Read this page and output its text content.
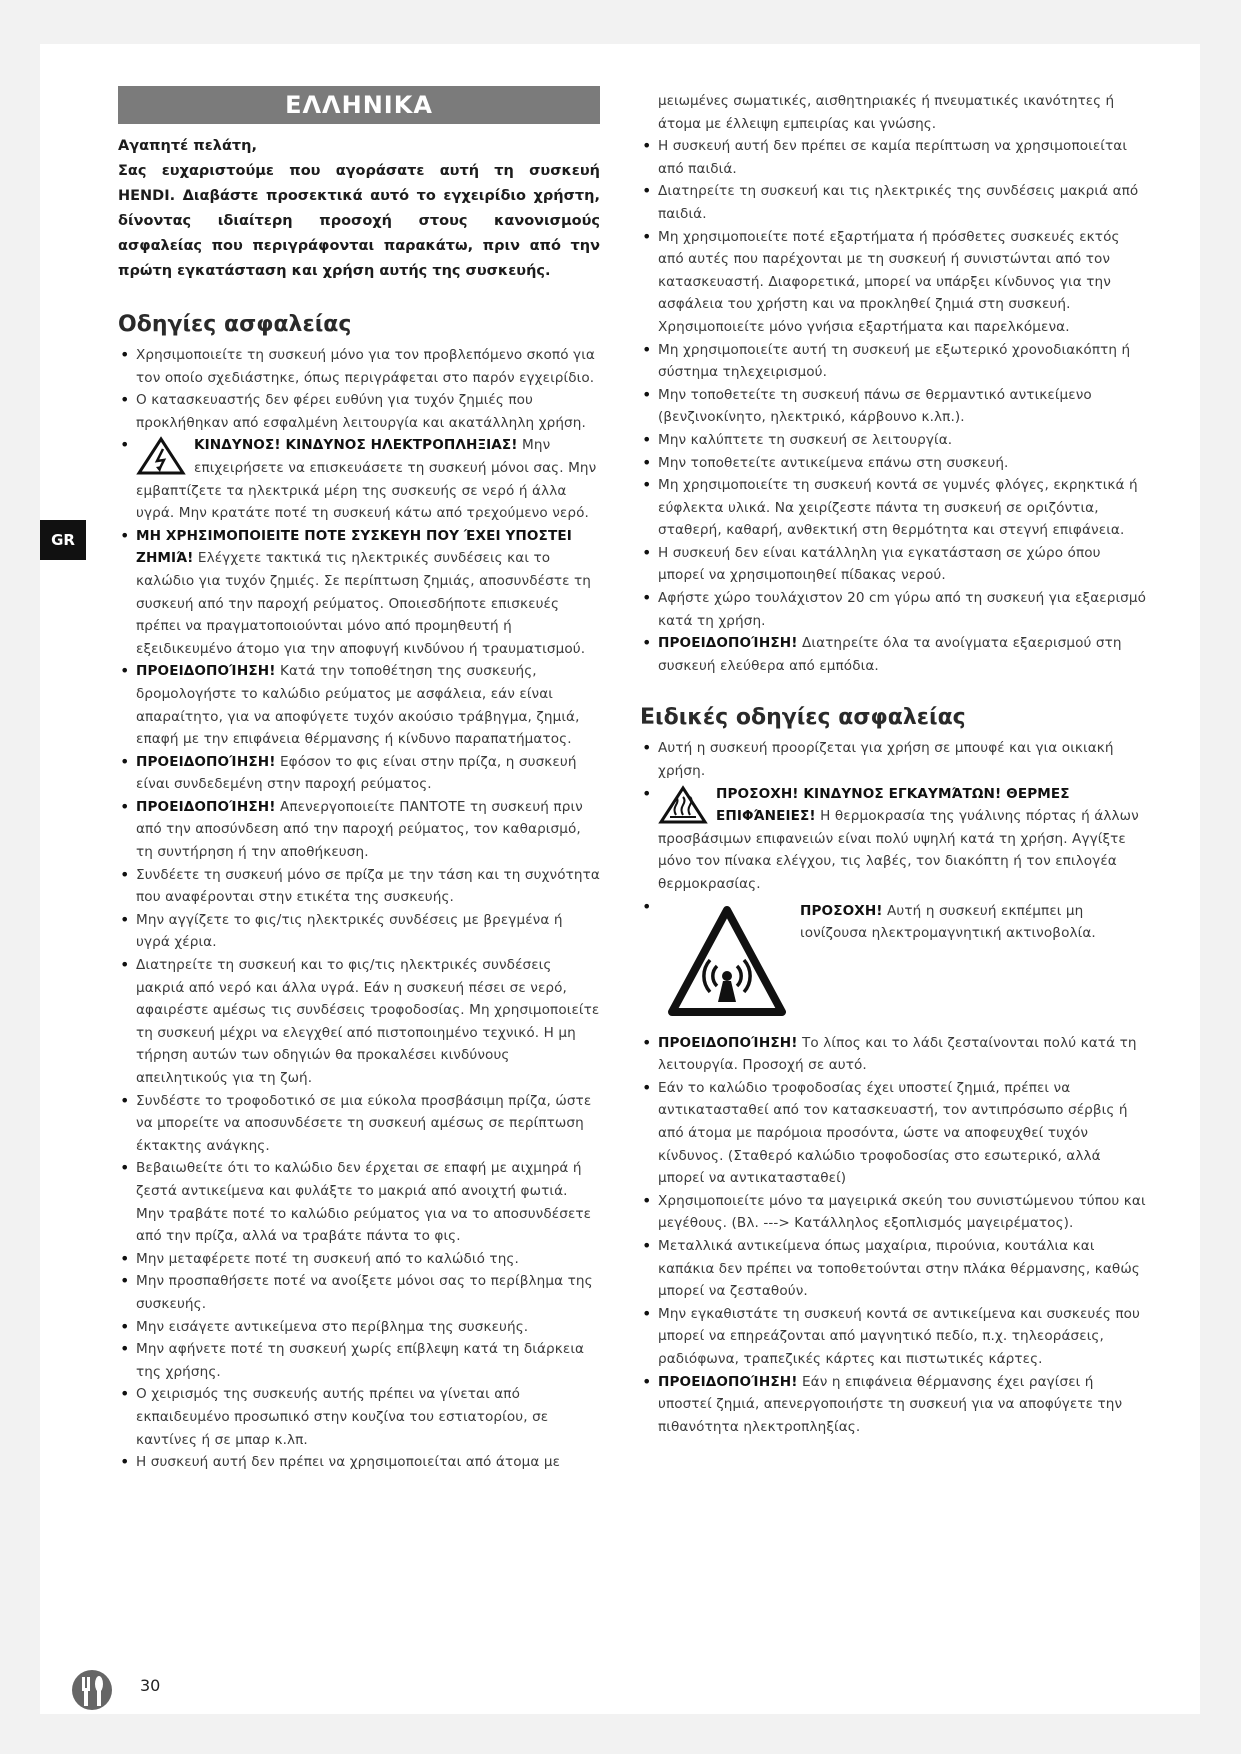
GR
ΕΛΛΗΝΙΚΑ

Αγαπητέ πελάτη,

Σας ευχαριστούμε που αγοράσατε αυτή τη συσκευή HENDI. Διαβάστε προσεκτικά αυτό το εγχειρίδιο χρήστη, δίνοντας ιδιαίτερη προσοχή στους κανονισμούς ασφαλείας που περιγράφονται παρακάτω, πριν από την πρώτη εγκατάσταση και χρήση αυτής της συσκευής.

Οδηγίες ασφαλείας
• Χρησιμοποιείτε τη συσκευή μόνο για τον προβλεπόμενο σκοπό για τον οποίο σχεδιάστηκε, όπως περιγράφεται στο παρόν εγχειρίδιο.
• Ο κατασκευαστής δεν φέρει ευθύνη για τυχόν ζημιές που προκλήθηκαν από εσφαλμένη λειτουργία και ακατάλληλη χρήση.
• ΚΙΝΔΥΝΟΣ! ΚΙΝΔΥΝΟΣ ΗΛΕΚΤΡΟΠΛΗΞΙΑΣ! Μην επιχειρήσετε να επισκευάσετε τη συσκευή μόνοι σας. Μην εμβαπτίζετε τα ηλεκτρικά μέρη της συσκευής σε νερό ή άλλα υγρά. Μην κρατάτε ποτέ τη συσκευή κάτω από τρεχούμενο νερό.
• ΜΗ ΧΡΗΣΙΜΟΠΟΙΕΙΤΕ ΠΟΤΕ ΣΥΣΚΕΥΗ ΠΟΥ ΈΧΕΙ ΥΠΟΣΤΕΙ ΖΗΜΙΆ! Ελέγχετε τακτικά τις ηλεκτρικές συνδέσεις και το καλώδιο για τυχόν ζημιές. Σε περίπτωση ζημιάς, αποσυνδέστε τη συσκευή από την παροχή ρεύματος. Οποιεσδήποτε επισκευές πρέπει να πραγματοποιούνται μόνο από προμηθευτή ή εξειδικευμένο άτομο για την αποφυγή κινδύνου ή τραυματισμού.
• ΠΡΟΕΙΔΟΠΟΊΗΣΗ! Κατά την τοποθέτηση της συσκευής, δρομολογήστε το καλώδιο ρεύματος με ασφάλεια, εάν είναι απαραίτητο, για να αποφύγετε τυχόν ακούσιο τράβηγμα, ζημιά, επαφή με την επιφάνεια θέρμανσης ή κίνδυνο παραπατήματος.
• ΠΡΟΕΙΔΟΠΟΊΗΣΗ! Εφόσον το φις είναι στην πρίζα, η συσκευή είναι συνδεδεμένη στην παροχή ρεύματος.
• ΠΡΟΕΙΔΟΠΟΊΗΣΗ! Απενεργοποιείτε ΠΑΝΤΟΤΕ τη συσκευή πριν από την αποσύνδεση από την παροχή ρεύματος, τον καθαρισμό, τη συντήρηση ή την αποθήκευση.
• Συνδέετε τη συσκευή μόνο σε πρίζα με την τάση και τη συχνότητα που αναφέρονται στην ετικέτα της συσκευής.
• Μην αγγίζετε το φις/τις ηλεκτρικές συνδέσεις με βρεγμένα ή υγρά χέρια.
• Διατηρείτε τη συσκευή και το φις/τις ηλεκτρικές συνδέσεις μακριά από νερό και άλλα υγρά. Εάν η συσκευή πέσει σε νερό, αφαιρέστε αμέσως τις συνδέσεις τροφοδοσίας. Μη χρησιμοποιείτε τη συσκευή μέχρι να ελεγχθεί από πιστοποιημένο τεχνικό. Η μη τήρηση αυτών των οδηγιών θα προκαλέσει κινδύνους απειλητικούς για τη ζωή.
• Συνδέστε το τροφοδοτικό σε μια εύκολα προσβάσιμη πρίζα, ώστε να μπορείτε να αποσυνδέσετε τη συσκευή αμέσως σε περίπτωση έκτακτης ανάγκης.
• Βεβαιωθείτε ότι το καλώδιο δεν έρχεται σε επαφή με αιχμηρά ή ζεστά αντικείμενα και φυλάξτε το μακριά από ανοιχτή φωτιά. Μην τραβάτε ποτέ το καλώδιο ρεύματος για να το αποσυνδέσετε από την πρίζα, αλλά να τραβάτε πάντα το φις.
• Μην μεταφέρετε ποτέ τη συσκευή από το καλώδιό της.
• Μην προσπαθήσετε ποτέ να ανοίξετε μόνοι σας το περίβλημα της συσκευής.
• Μην εισάγετε αντικείμενα στο περίβλημα της συσκευής.
• Μην αφήνετε ποτέ τη συσκευή χωρίς επίβλεψη κατά τη διάρκεια της χρήσης.
• Ο χειρισμός της συσκευής αυτής πρέπει να γίνεται από εκπαιδευμένο προσωπικό στην κουζίνα του εστιατορίου, σε καντίνες ή σε μπαρ κ.λπ.
• Η συσκευή αυτή δεν πρέπει να χρησιμοποιείται από άτομα με

μειωμένες σωματικές, αισθητηριακές ή πνευματικές ικανότητες ή άτομα με έλλειψη εμπειρίας και γνώσης.

• Η συσκευή αυτή δεν πρέπει σε καμία περίπτωση να χρησιμοποιείται από παιδιά.
• Διατηρείτε τη συσκευή και τις ηλεκτρικές της συνδέσεις μακριά από παιδιά.
• Μη χρησιμοποιείτε ποτέ εξαρτήματα ή πρόσθετες συσκευές εκτός από αυτές που παρέχονται με τη συσκευή ή συνιστώνται από τον κατασκευαστή. Διαφορετικά, μπορεί να υπάρξει κίνδυνος για την ασφάλεια του χρήστη και να προκληθεί ζημιά στη συσκευή. Χρησιμοποιείτε μόνο γνήσια εξαρτήματα και παρελκόμενα.
• Μη χρησιμοποιείτε αυτή τη συσκευή με εξωτερικό χρονοδιακόπτη ή σύστημα τηλεχειρισμού.
• Μην τοποθετείτε τη συσκευή πάνω σε θερμαντικό αντικείμενο (βενζινοκίνητο, ηλεκτρικό, κάρβουνο κ.λπ.).
• Μην καλύπτετε τη συσκευή σε λειτουργία.
• Μην τοποθετείτε αντικείμενα επάνω στη συσκευή.
• Μη χρησιμοποιείτε τη συσκευή κοντά σε γυμνές φλόγες, εκρηκτικά ή εύφλεκτα υλικά. Να χειρίζεστε πάντα τη συσκευή σε οριζόντια, σταθερή, καθαρή, ανθεκτική στη θερμότητα και στεγνή επιφάνεια.
• Η συσκευή δεν είναι κατάλληλη για εγκατάσταση σε χώρο όπου μπορεί να χρησιμοποιηθεί πίδακας νερού.
• Αφήστε χώρο τουλάχιστον 20 cm γύρω από τη συσκευή για εξαερισμό κατά τη χρήση.
• ΠΡΟΕΙΔΟΠΟΊΗΣΗ! Διατηρείτε όλα τα ανοίγματα εξαερισμού στη συσκευή ελεύθερα από εμπόδια.
Ειδικές οδηγίες ασφαλείας
• Αυτή η συσκευή προορίζεται για χρήση σε μπουφέ και για οικιακή χρήση.
• ΠΡΟΣΟΧΗ! ΚΙΝΔΥΝΟΣ ΕΓΚΑΥΜΆΤΩΝ! ΘΕΡΜΕΣ ΕΠΙΦΆΝΕΙΕΣ! Η θερμοκρασία της γυάλινης πόρτας ή άλλων προσβάσιμων επιφανειών είναι πολύ υψηλή κατά τη χρήση. Αγγίξτε μόνο τον πίνακα ελέγχου, τις λαβές, τον διακόπτη ή τον επιλογέα θερμοκρασίας.
• ΠΡΟΣΟΧΗ! Αυτή η συσκευή εκπέμπει μη ιονίζουσα ηλεκτρομαγνητική ακτινοβολία.
• ΠΡΟΕΙΔΟΠΟΊΗΣΗ! Το λίπος και το λάδι ζεσταίνονται πολύ κατά τη λειτουργία. Προσοχή σε αυτό.
• Εάν το καλώδιο τροφοδοσίας έχει υποστεί ζημιά, πρέπει να αντικατασταθεί από τον κατασκευαστή, τον αντιπρόσωπο σέρβις ή από άτομα με παρόμοια προσόντα, ώστε να αποφευχθεί τυχόν κίνδυνος. (Σταθερό καλώδιο τροφοδοσίας στο εσωτερικό, αλλά μπορεί να αντικατασταθεί)
• Χρησιμοποιείτε μόνο τα μαγειρικά σκεύη του συνιστώμενου τύπου και μεγέθους. (Βλ. ---> Κατάλληλος εξοπλισμός μαγειρέματος).
• Μεταλλικά αντικείμενα όπως μαχαίρια, πιρούνια, κουτάλια και καπάκια δεν πρέπει να τοποθετούνται στην πλάκα θέρμανσης, καθώς μπορεί να ζεσταθούν.
• Μην εγκαθιστάτε τη συσκευή κοντά σε αντικείμενα και συσκευές που μπορεί να επηρεάζονται από μαγνητικό πεδίο, π.χ. τηλεοράσεις, ραδιόφωνα, τραπεζικές κάρτες και πιστωτικές κάρτες.
• ΠΡΟΕΙΔΟΠΟΊΗΣΗ! Εάν η επιφάνεια θέρμανσης έχει ραγίσει ή υποστεί ζημιά, απενεργοποιήστε τη συσκευή για να αποφύγετε την πιθανότητα ηλεκτροπληξίας.
30
